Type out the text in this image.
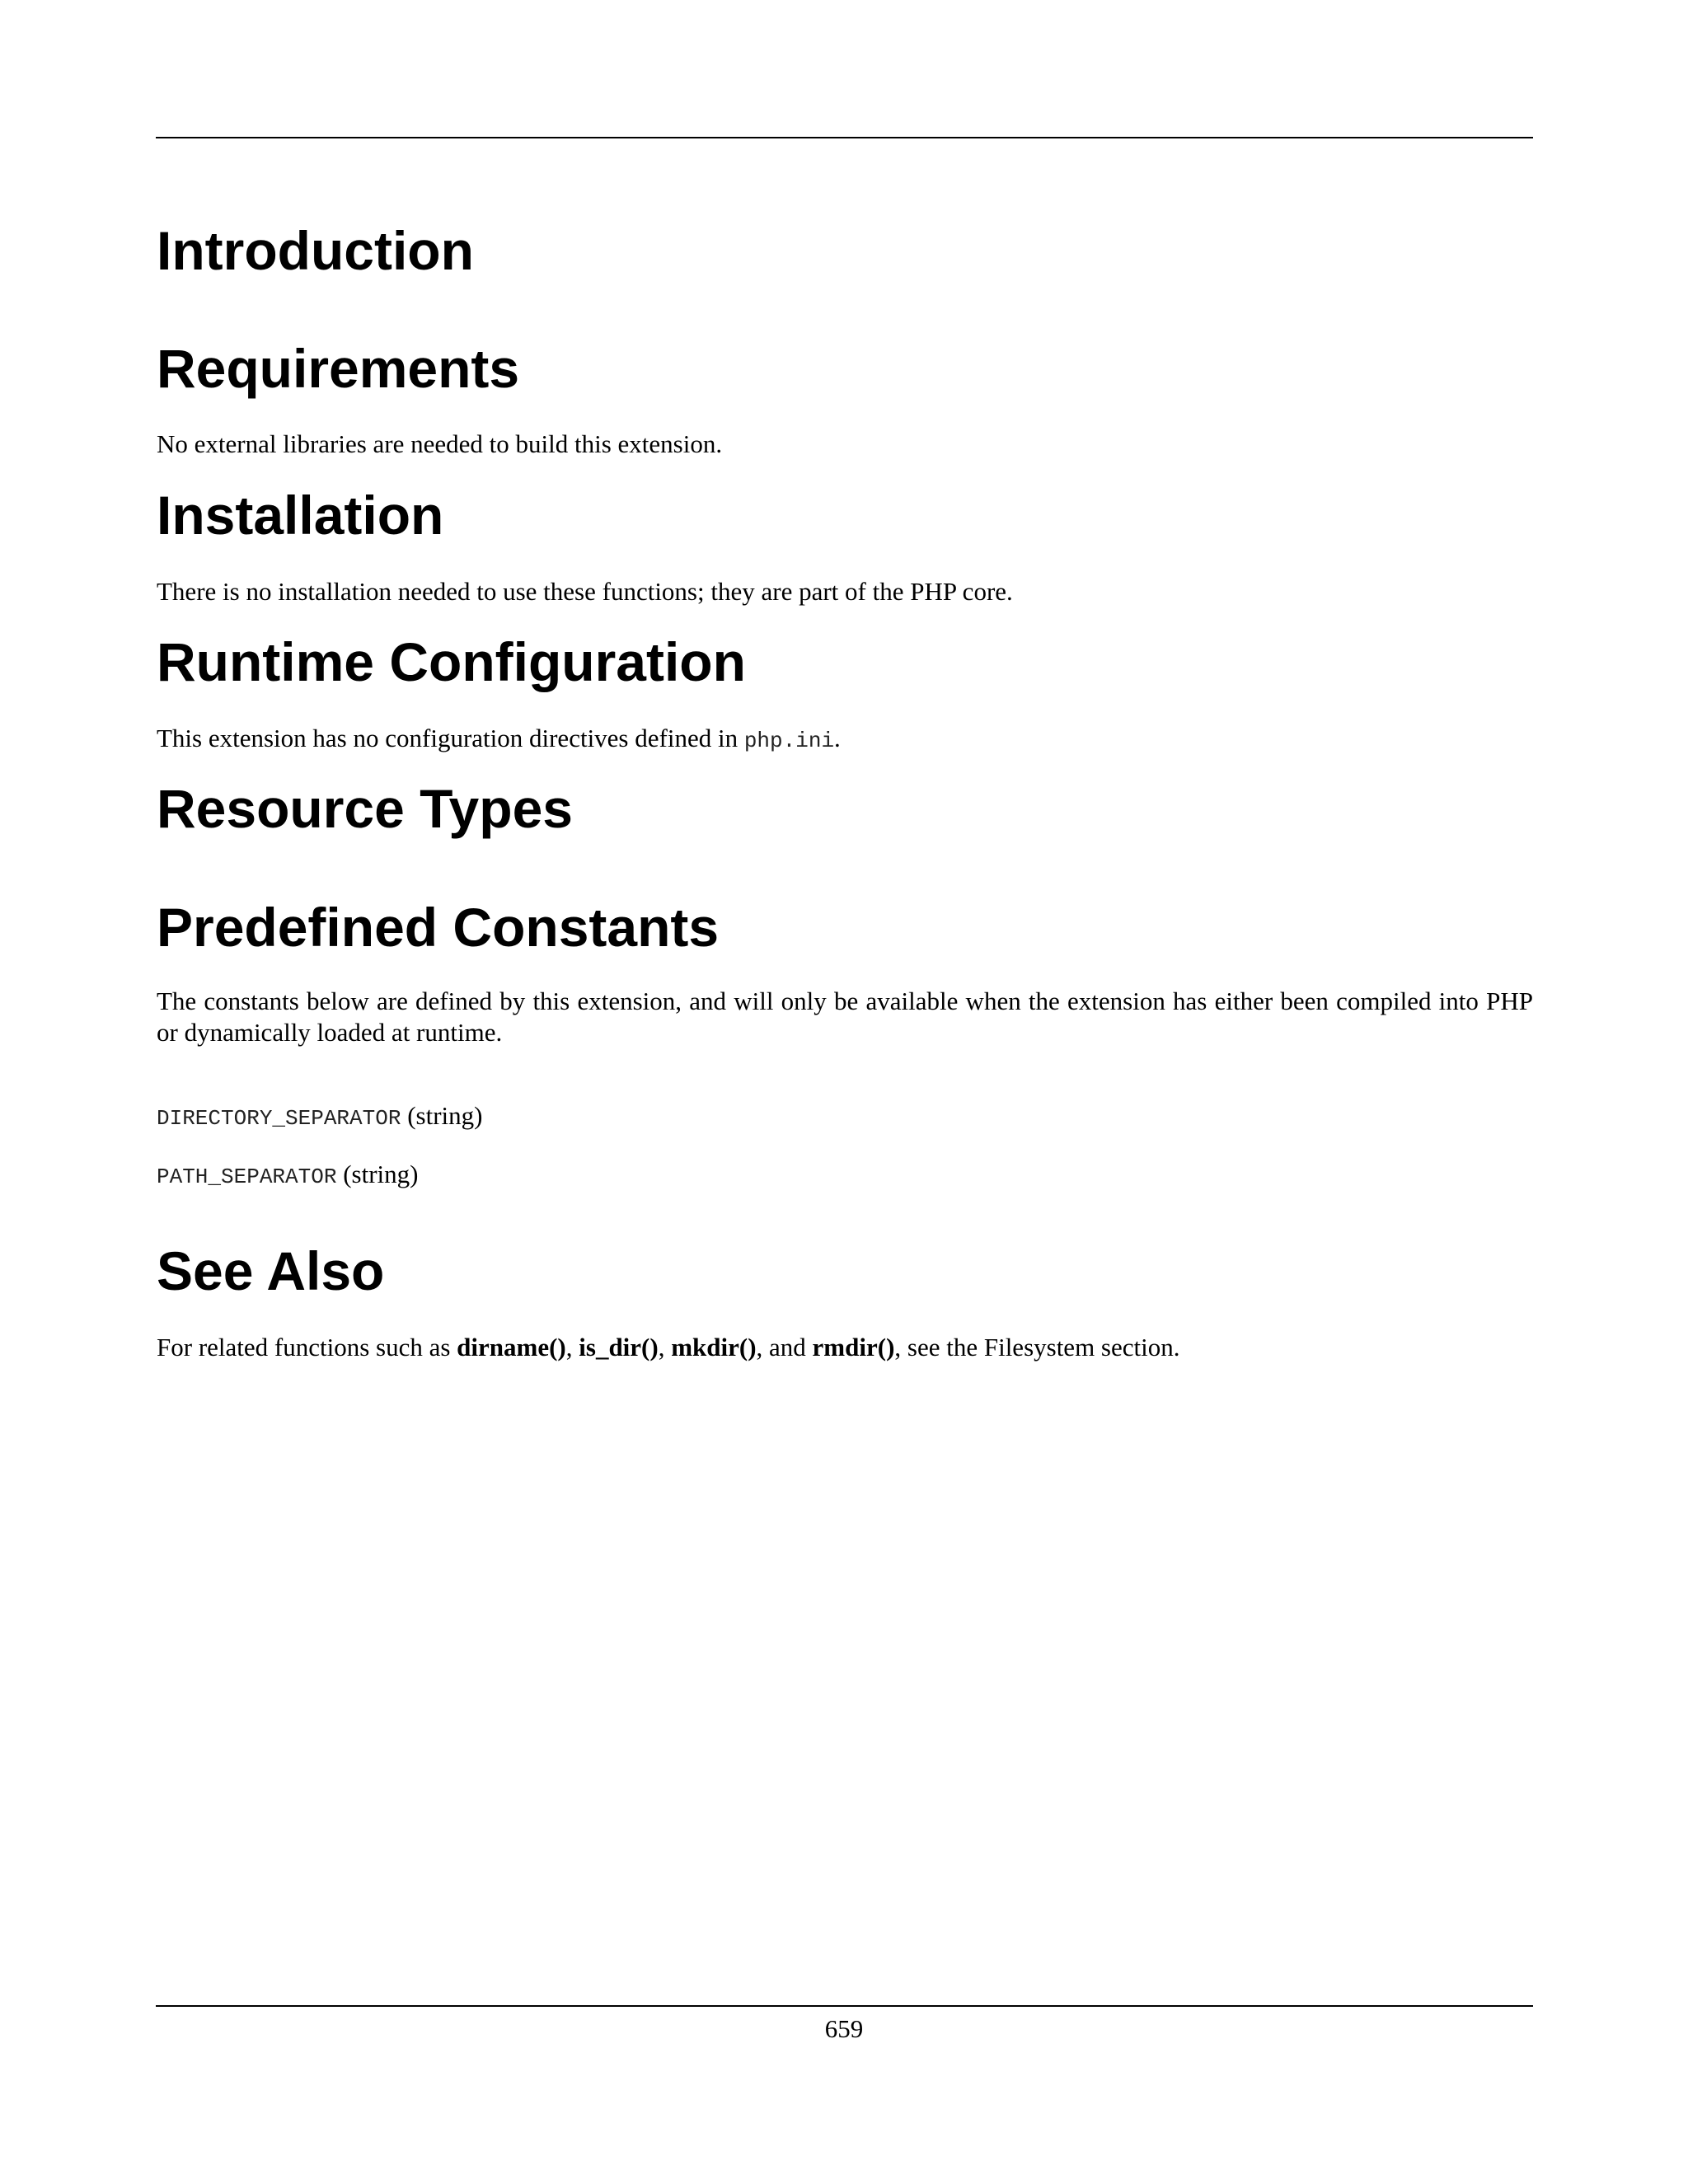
Introduction
Requirements

No external libraries are needed to build this extension.

Installation

There is no installation needed to use these functions; they are part of the PHP core.

Runtime Configuration

This extension has no configuration directives defined in php.ini.

Resource Types
Predefined Constants

The constants below are defined by this extension, and will only be available when the extension has either been compiled into PHP or dynamically loaded at runtime.

DIRECTORY_SEPARATOR (string)

PATH_SEPARATOR (string)

See Also

For related functions such as dirname(), is_dir(), mkdir(), and rmdir(), see the Filesystem section.

659
